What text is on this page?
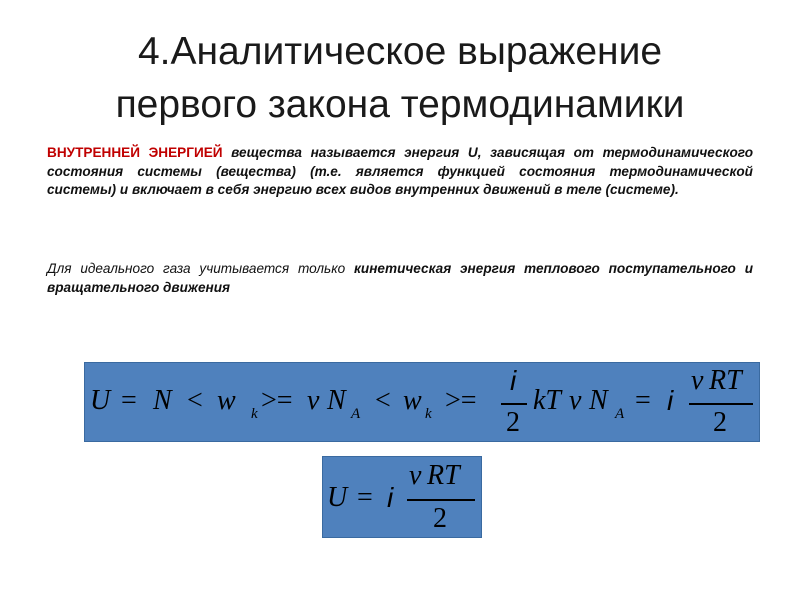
4.Аналитическое выражение
первого закона термодинамики
ВНУТРЕННЕЙ ЭНЕРГИЕЙ вещества называется энергия U, зависящая от термодинамического состояния системы (вещества) (т.е. является функцией состояния термодинамической системы) и включает в себя энергию всех видов внутренних движений в теле (системе).
Для идеального газа учитывается только кинетическая энергия теплового поступательного и вращательного движения
U = N < w k >= ν N A < w k >=
i
2
kT ν N A = i
ν RT
2
U = i
ν RT
2
